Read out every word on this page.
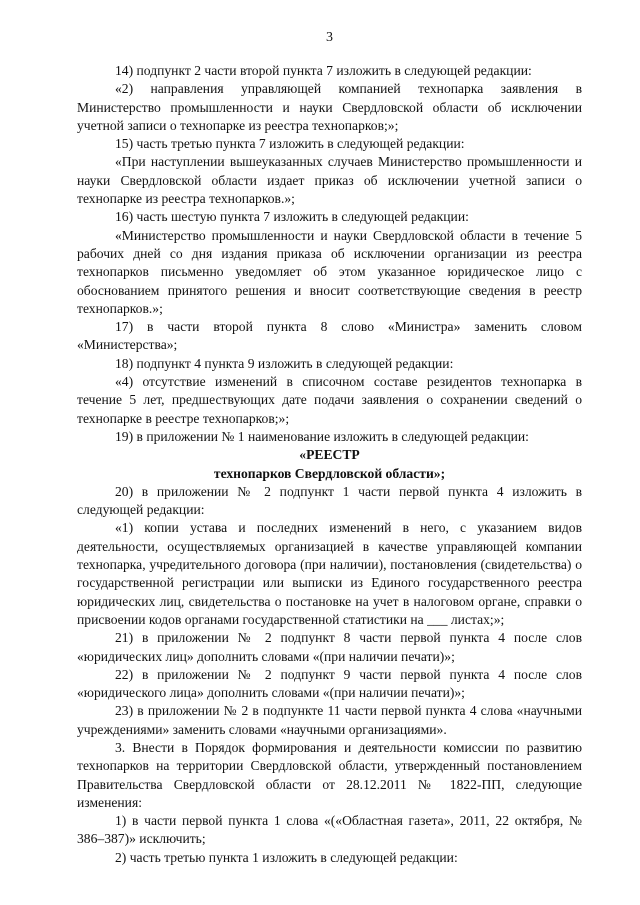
3

14) подпункт 2 части второй пункта 7 изложить в следующей редакции:

«2) направления управляющей компанией технопарка заявления в Министерство промышленности и науки Свердловской области об исключении учетной записи о технопарке из реестра технопарков;»;

15) часть третью пункта 7 изложить в следующей редакции:

«При наступлении вышеуказанных случаев Министерство промышленности и науки Свердловской области издает приказ об исключении учетной записи о технопарке из реестра технопарков.»;

16) часть шестую пункта 7 изложить в следующей редакции:

«Министерство промышленности и науки Свердловской области в течение 5 рабочих дней со дня издания приказа об исключении организации из реестра технопарков письменно уведомляет об этом указанное юридическое лицо с обоснованием принятого решения и вносит соответствующие сведения в реестр технопарков.»;

17) в части второй пункта 8 слово «Министра» заменить словом «Министерства»;

18) подпункт 4 пункта 9 изложить в следующей редакции:

«4) отсутствие изменений в списочном составе резидентов технопарка в течение 5 лет, предшествующих дате подачи заявления о сохранении сведений о технопарке в реестре технопарков;»;

19) в приложении № 1 наименование изложить в следующей редакции:

«РЕЕСТР

технопарков Свердловской области»;

20) в приложении № 2 подпункт 1 части первой пункта 4 изложить в следующей редакции:

«1) копии устава и последних изменений в него, с указанием видов деятельности, осуществляемых организацией в качестве управляющей компании технопарка, учредительного договора (при наличии), постановления (свидетельства) о государственной регистрации или выписки из Единого государственного реестра юридических лиц, свидетельства о постановке на учет в налоговом органе, справки о присвоении кодов органами государственной статистики на ___ листах;»;

21) в приложении № 2 подпункт 8 части первой пункта 4 после слов «юридических лиц» дополнить словами «(при наличии печати)»;

22) в приложении № 2 подпункт 9 части первой пункта 4 после слов «юридического лица» дополнить словами «(при наличии печати)»;

23) в приложении № 2 в подпункте 11 части первой пункта 4 слова «научными учреждениями» заменить словами «научными организациями».

3. Внести в Порядок формирования и деятельности комиссии по развитию технопарков на территории Свердловской области, утвержденный постановлением Правительства Свердловской области от 28.12.2011 № 1822-ПП, следующие изменения:

1) в части первой пункта 1 слова «(«Областная газета», 2011, 22 октября, № 386–387)» исключить;

2) часть третью пункта 1 изложить в следующей редакции:
